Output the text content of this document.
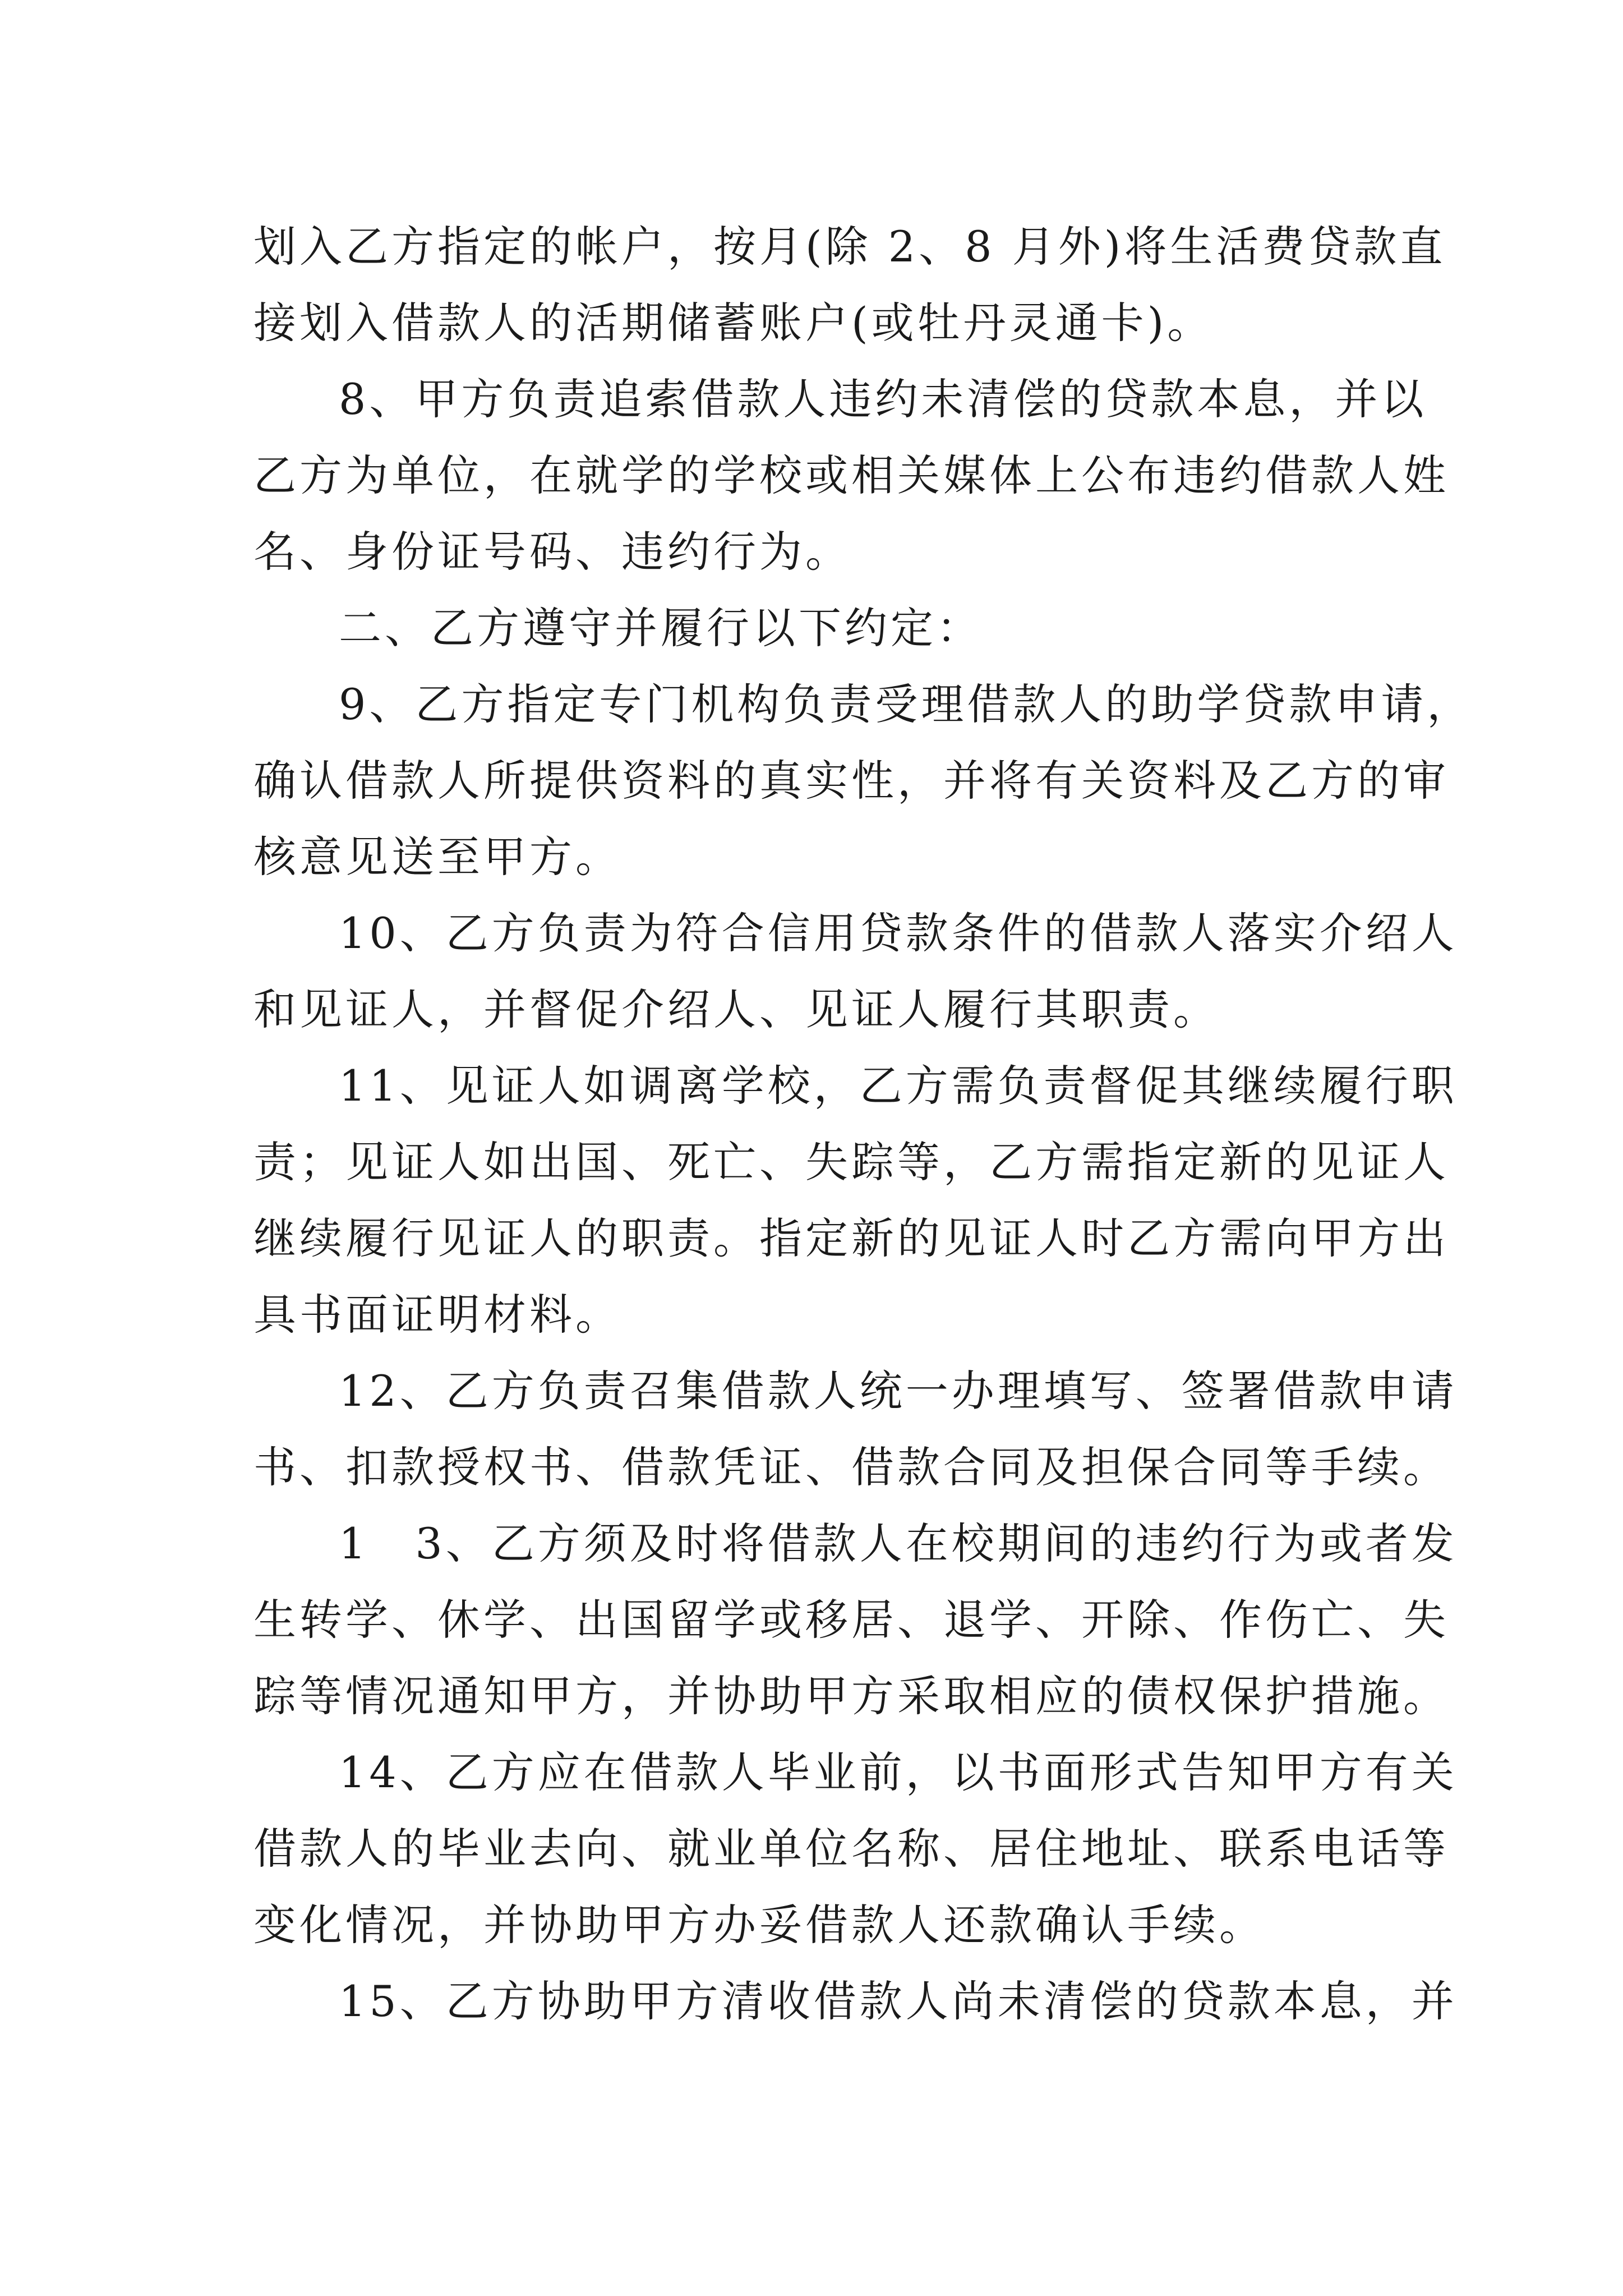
划入乙方指定的帐户，按月(除 2、8 月外)将生活费贷款直
接划入借款人的活期储蓄账户(或牡丹灵通卡)。
8、甲方负责追索借款人违约未清偿的贷款本息，并以
乙方为单位，在就学的学校或相关媒体上公布违约借款人姓
名、身份证号码、违约行为。
二、乙方遵守并履行以下约定：
9、乙方指定专门机构负责受理借款人的助学贷款申请，
确认借款人所提供资料的真实性，并将有关资料及乙方的审
核意见送至甲方。
10、乙方负责为符合信用贷款条件的借款人落实介绍人
和见证人，并督促介绍人、见证人履行其职责。
11、见证人如调离学校，乙方需负责督促其继续履行职
责；见证人如出国、死亡、失踪等，乙方需指定新的见证人
继续履行见证人的职责。指定新的见证人时乙方需向甲方出
具书面证明材料。
12、乙方负责召集借款人统一办理填写、签署借款申请
书、扣款授权书、借款凭证、借款合同及担保合同等手续。
1　3、乙方须及时将借款人在校期间的违约行为或者发
生转学、休学、出国留学或移居、退学、开除、作伤亡、失
踪等情况通知甲方，并协助甲方采取相应的债权保护措施。
14、乙方应在借款人毕业前，以书面形式告知甲方有关
借款人的毕业去向、就业单位名称、居住地址、联系电话等
变化情况，并协助甲方办妥借款人还款确认手续。
15、乙方协助甲方清收借款人尚未清偿的贷款本息，并
